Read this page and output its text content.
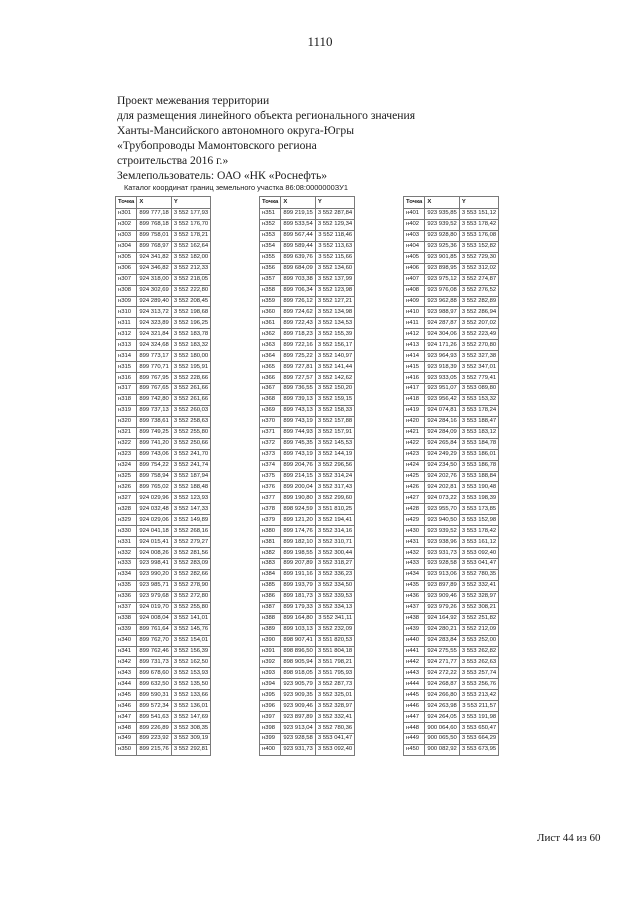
1110
Проект межевания территории
для размещения линейного объекта регионального значения
Ханты-Мансийского автономного округа-Югры
«Трубопроводы Мамонтовского региона
строительства 2016 г.»
Землепользователь: ОАО «НК «Роснефть»
Каталог координат границ земельного участка 86:08:0000000ЗУ1
Точка	X	Y
н301	899 777,18	3 552 177,93
н302	899 768,18	3 552 176,70
н303	899 758,01	3 552 178,21
н304	899 768,97	3 552 162,64
н305	924 341,82	3 552 182,00
н306	924 346,82	3 552 212,33
н307	924 318,00	3 552 218,05
н308	924 302,69	3 552 222,80
н309	924 289,40	3 552 208,45
н310	924 313,72	3 552 198,68
н311	924 323,89	3 552 196,25
н312	924 321,84	3 552 183,78
н313	924 324,68	3 552 183,32
н314	899 773,17	3 552 180,00
н315	899 770,71	3 552 195,91
н316	899 767,95	3 552 228,66
н317	899 767,65	3 552 261,66
н318	899 742,80	3 552 261,66
н319	899 737,13	3 552 260,03
н320	899 738,61	3 552 258,63
н321	899 749,25	3 552 255,80
н322	899 741,20	3 552 250,66
н323	899 743,06	3 552 241,70
н324	899 754,22	3 552 241,74
н325	899 758,94	3 552 187,94
н326	899 765,02	3 552 188,48
н327	924 029,96	3 552 123,93
н328	924 032,48	3 552 147,33
н329	924 029,06	3 552 149,89
н330	924 041,18	3 552 268,16
н331	924 015,41	3 552 279,27
н332	924 008,26	3 552 281,56
н333	923 998,41	3 552 283,09
н334	923 990,20	3 552 282,66
н335	923 985,71	3 552 278,90
н336	923 979,68	3 552 272,80
н337	924 019,70	3 552 255,80
н338	924 008,04	3 552 141,01
н339	899 761,64	3 552 145,76
н340	899 762,70	3 552 154,01
н341	899 762,46	3 552 156,39
н342	899 731,73	3 552 162,50
н343	899 678,60	3 552 153,93
н344	899 632,50	3 552 135,50
н345	899 590,31	3 552 133,66
н346	899 572,34	3 552 136,01
н347	899 541,63	3 552 147,69
н348	899 226,89	3 552 308,35
н349	899 223,92	3 552 309,19
н350	899 215,76	3 552 292,81
Точка	X	Y
н351	899 219,15	3 552 287,84
н352	899 533,54	3 552 129,34
н353	899 567,44	3 552 118,46
н354	899 589,44	3 552 113,63
н355	899 639,76	3 552 115,66
н356	899 684,09	3 552 134,60
н357	899 703,38	3 552 137,99
н358	899 706,34	3 552 123,98
н359	899 726,12	3 552 127,21
н360	899 724,62	3 552 134,98
н361	899 722,43	3 552 134,53
н362	899 718,23	3 552 155,39
н363	899 722,16	3 552 156,17
н364	899 725,22	3 552 140,97
н365	899 727,81	3 552 141,44
н366	899 727,57	3 552 142,62
н367	899 736,55	3 552 150,20
н368	899 739,13	3 552 159,15
н369	899 743,13	3 552 158,33
н370	899 743,19	3 552 157,88
н371	899 744,93	3 552 157,91
н372	899 745,35	3 552 145,53
н373	899 743,19	3 552 144,19
н374	899 204,76	3 552 296,56
н375	899 214,15	3 552 314,24
н376	899 200,04	3 552 317,43
н377	899 190,80	3 552 299,60
н378	898 924,59	3 551 810,25
н379	899 121,20	3 552 194,41
н380	899 174,76	3 552 314,16
н381	899 182,10	3 552 310,71
н382	899 198,55	3 552 300,44
н383	899 207,89	3 552 318,27
н384	899 191,16	3 552 336,23
н385	899 193,79	3 552 334,50
н386	899 181,73	3 552 339,53
н387	899 179,33	3 552 334,13
н388	899 164,80	3 552 341,11
н389	899 103,13	3 552 232,09
н390	898 907,41	3 551 820,53
н391	898 896,50	3 551 804,18
н392	898 905,94	3 551 798,21
н393	898 918,05	3 551 795,93
н394	923 905,79	3 552 287,73
н395	923 909,35	3 552 325,01
н396	923 909,46	3 552 328,97
н397	923 897,89	3 552 332,41
н398	923 913,04	3 552 780,36
н399	923 928,58	3 553 041,47
н400	923 931,73	3 553 092,40
Точка	X	Y
н401	923 935,85	3 553 151,12
н402	923 939,52	3 553 178,42
н403	923 928,80	3 553 176,08
н404	923 925,36	3 553 152,82
н405	923 901,85	3 552 729,30
н406	923 898,95	3 552 312,02
н407	923 975,12	3 552 274,87
н408	923 976,08	3 552 276,52
н409	923 962,88	3 552 282,89
н410	923 988,97	3 552 286,94
н411	924 287,87	3 552 207,02
н412	924 304,06	3 552 223,49
н413	924 171,26	3 552 270,80
н414	923 964,93	3 552 327,38
н415	923 918,39	3 552 347,01
н416	923 933,05	3 552 779,41
н417	923 951,07	3 553 089,80
н418	923 956,42	3 553 153,32
н419	924 074,81	3 553 178,24
н420	924 284,16	3 553 188,47
н421	924 284,09	3 553 183,12
н422	924 265,84	3 553 184,78
н423	924 249,29	3 553 186,01
н424	924 234,50	3 553 186,78
н425	924 202,76	3 553 188,84
н426	924 202,81	3 553 190,48
н427	924 073,22	3 553 198,39
н428	923 955,70	3 553 173,85
н429	923 940,50	3 553 152,98
н430	923 939,52	3 553 178,42
н431	923 938,96	3 553 161,12
н432	923 931,73	3 553 092,40
н433	923 928,58	3 553 041,47
н434	923 913,06	3 552 780,35
н435	923 897,89	3 552 332,41
н436	923 909,46	3 552 328,97
н437	923 979,26	3 552 308,21
н438	924 164,92	3 552 251,82
н439	924 280,21	3 552 212,09
н440	924 283,84	3 553 252,00
н441	924 275,55	3 553 262,82
н442	924 271,77	3 553 262,63
н443	924 272,22	3 553 257,74
н444	924 268,87	3 553 256,76
н445	924 266,80	3 553 213,42
н446	924 263,98	3 553 211,57
н447	924 264,05	3 553 191,98
н448	900 064,60	3 553 650,47
н449	900 065,50	3 553 664,29
н450	900 082,92	3 553 673,95
Лист 44 из 60
